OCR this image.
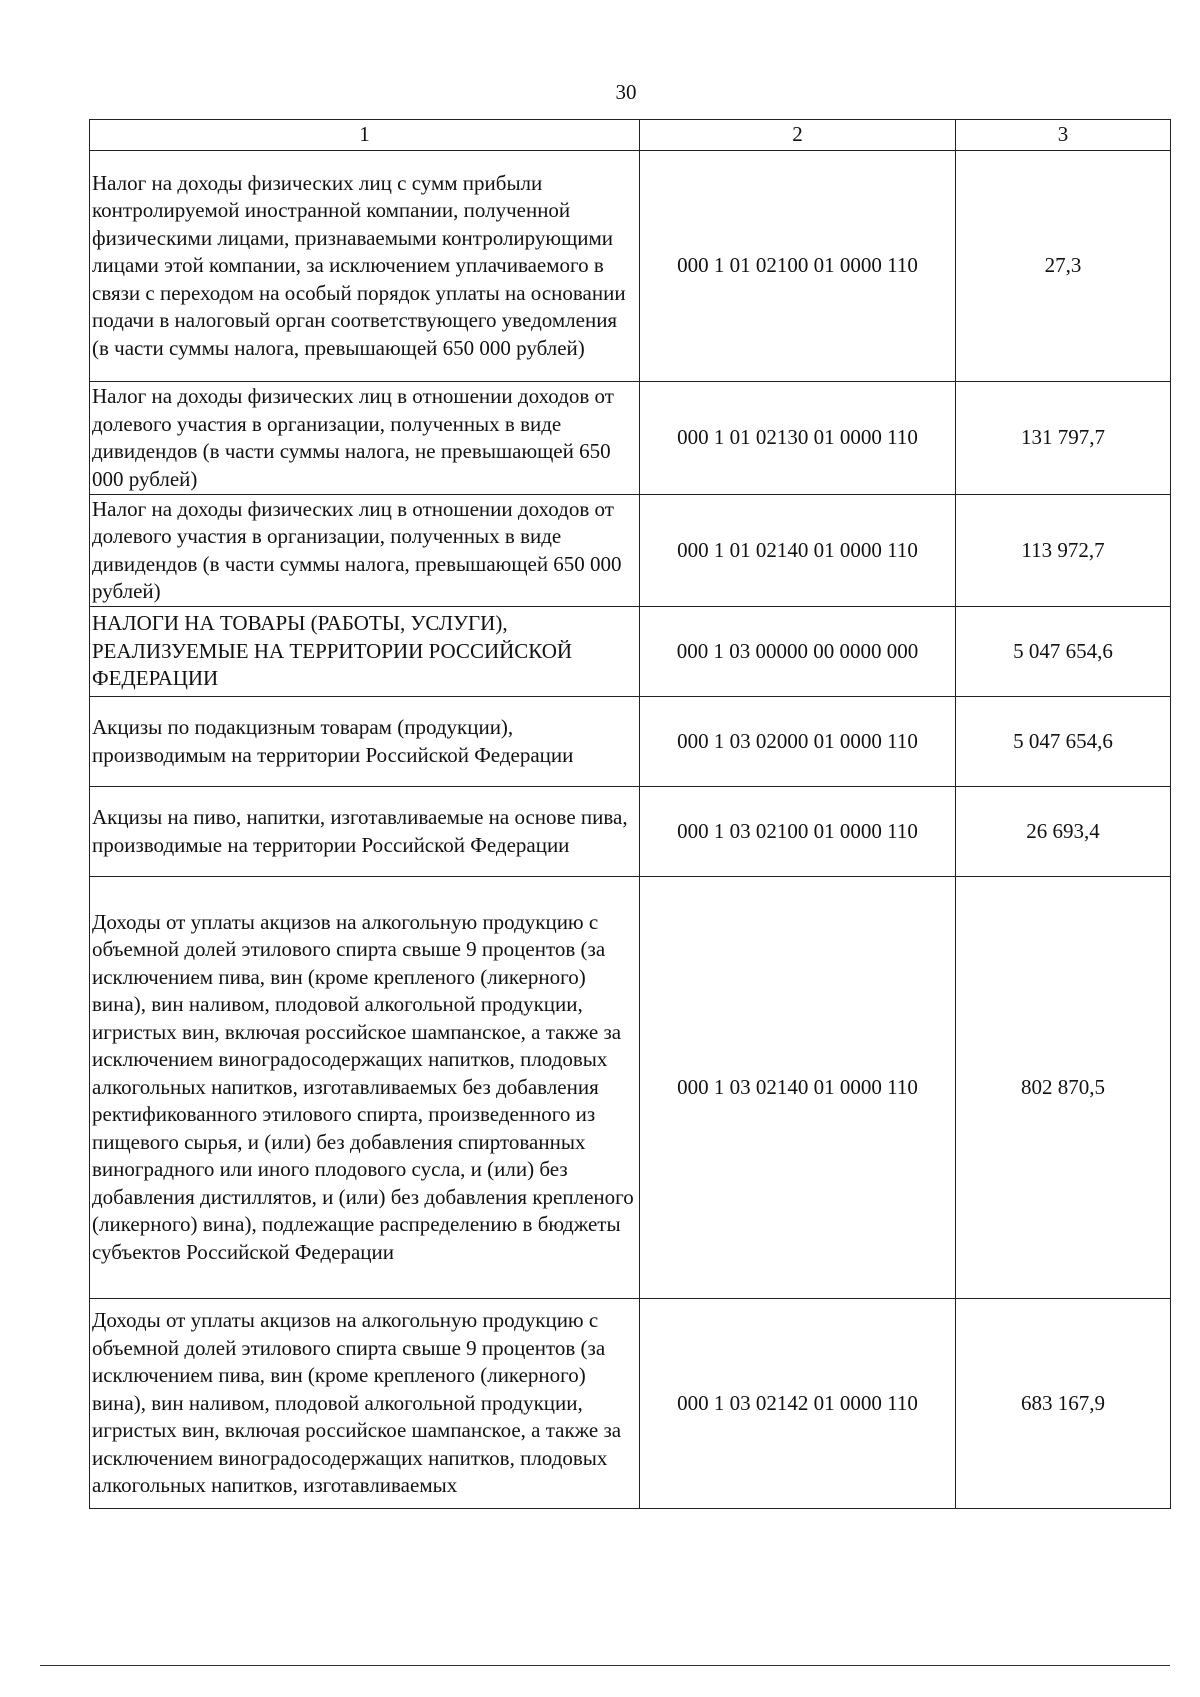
30
1	2	3
Налог на доходы физических лиц с сумм прибыли контролируемой иностранной компании, полученной физическими лицами, признаваемыми контролирующими лицами этой компании, за исключением уплачиваемого в связи с переходом на особый порядок уплаты на основании подачи в налоговый орган соответствующего уведомления (в части суммы налога, превышающей 650 000 рублей)	000 1 01 02100 01 0000 110	27,3
Налог на доходы физических лиц в отношении доходов от долевого участия в организации, полученных в виде дивидендов (в части суммы налога, не превышающей 650 000 рублей)	000 1 01 02130 01 0000 110	131 797,7
Налог на доходы физических лиц в отношении доходов от долевого участия в организации, полученных в виде дивидендов (в части суммы налога, превышающей 650 000 рублей)	000 1 01 02140 01 0000 110	113 972,7
НАЛОГИ НА ТОВАРЫ (РАБОТЫ, УСЛУГИ), РЕАЛИЗУЕМЫЕ НА ТЕРРИТОРИИ РОССИЙСКОЙ ФЕДЕРАЦИИ	000 1 03 00000 00 0000 000	5 047 654,6
Акцизы по подакцизным товарам (продукции), производимым на территории Российской Федерации	000 1 03 02000 01 0000 110	5 047 654,6
Акцизы на пиво, напитки, изготавливаемые на основе пива, производимые на территории Российской Федерации	000 1 03 02100 01 0000 110	26 693,4
Доходы от уплаты акцизов на алкогольную продукцию с объемной долей этилового спирта свыше 9 процентов (за исключением пива, вин (кроме крепленого (ликерного) вина), вин наливом, плодовой алкогольной продукции, игристых вин, включая российское шампанское, а также за исключением виноградосодержащих напитков, плодовых алкогольных напитков, изготавливаемых без добавления ректификованного этилового спирта, произведенного из пищевого сырья, и (или) без добавления спиртованных виноградного или иного плодового сусла, и (или) без добавления дистиллятов, и (или) без добавления крепленого (ликерного) вина), подлежащие распределению в бюджеты субъектов Российской Федерации	000 1 03 02140 01 0000 110	802 870,5
Доходы от уплаты акцизов на алкогольную продукцию с объемной долей этилового спирта свыше 9 процентов (за исключением пива, вин (кроме крепленого (ликерного) вина), вин наливом, плодовой алкогольной продукции, игристых вин, включая российское шампанское, а также за исключением виноградосодержащих напитков, плодовых алкогольных напитков, изготавливаемых	000 1 03 02142 01 0000 110	683 167,9
